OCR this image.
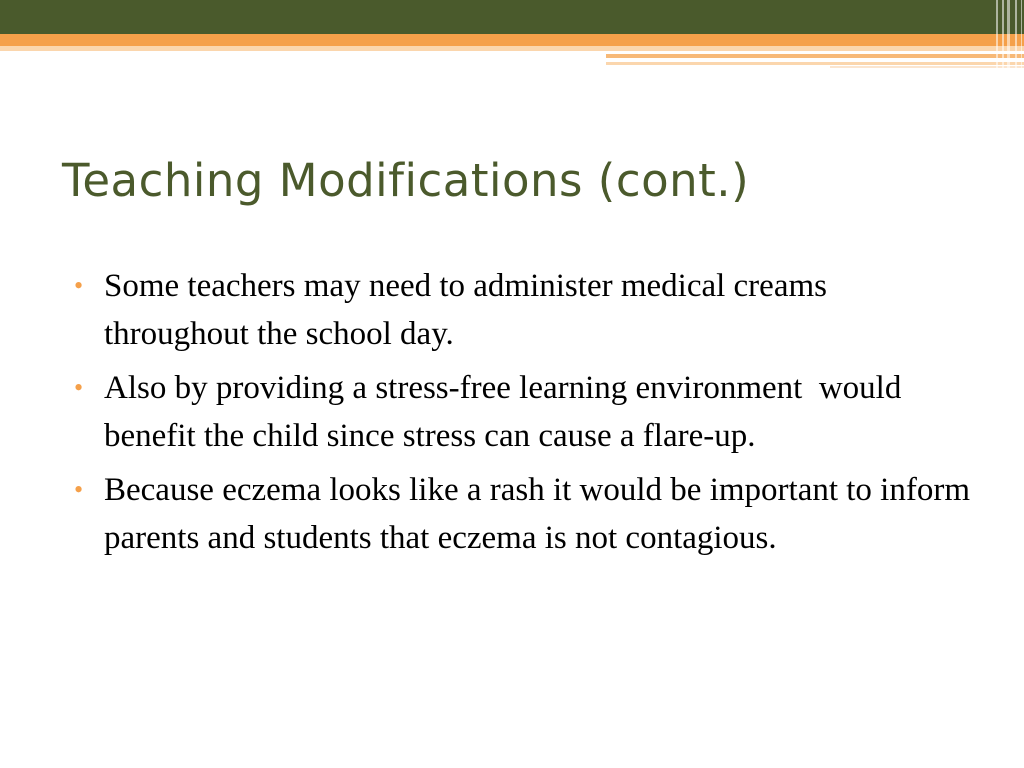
Teaching Modifications (cont.)
• Some teachers may need to administer medical creams throughout the school day.
• Also by providing a stress-free learning environment  would benefit the child since stress can cause a flare-up.
• Because eczema looks like a rash it would be important to inform parents and students that eczema is not contagious.
